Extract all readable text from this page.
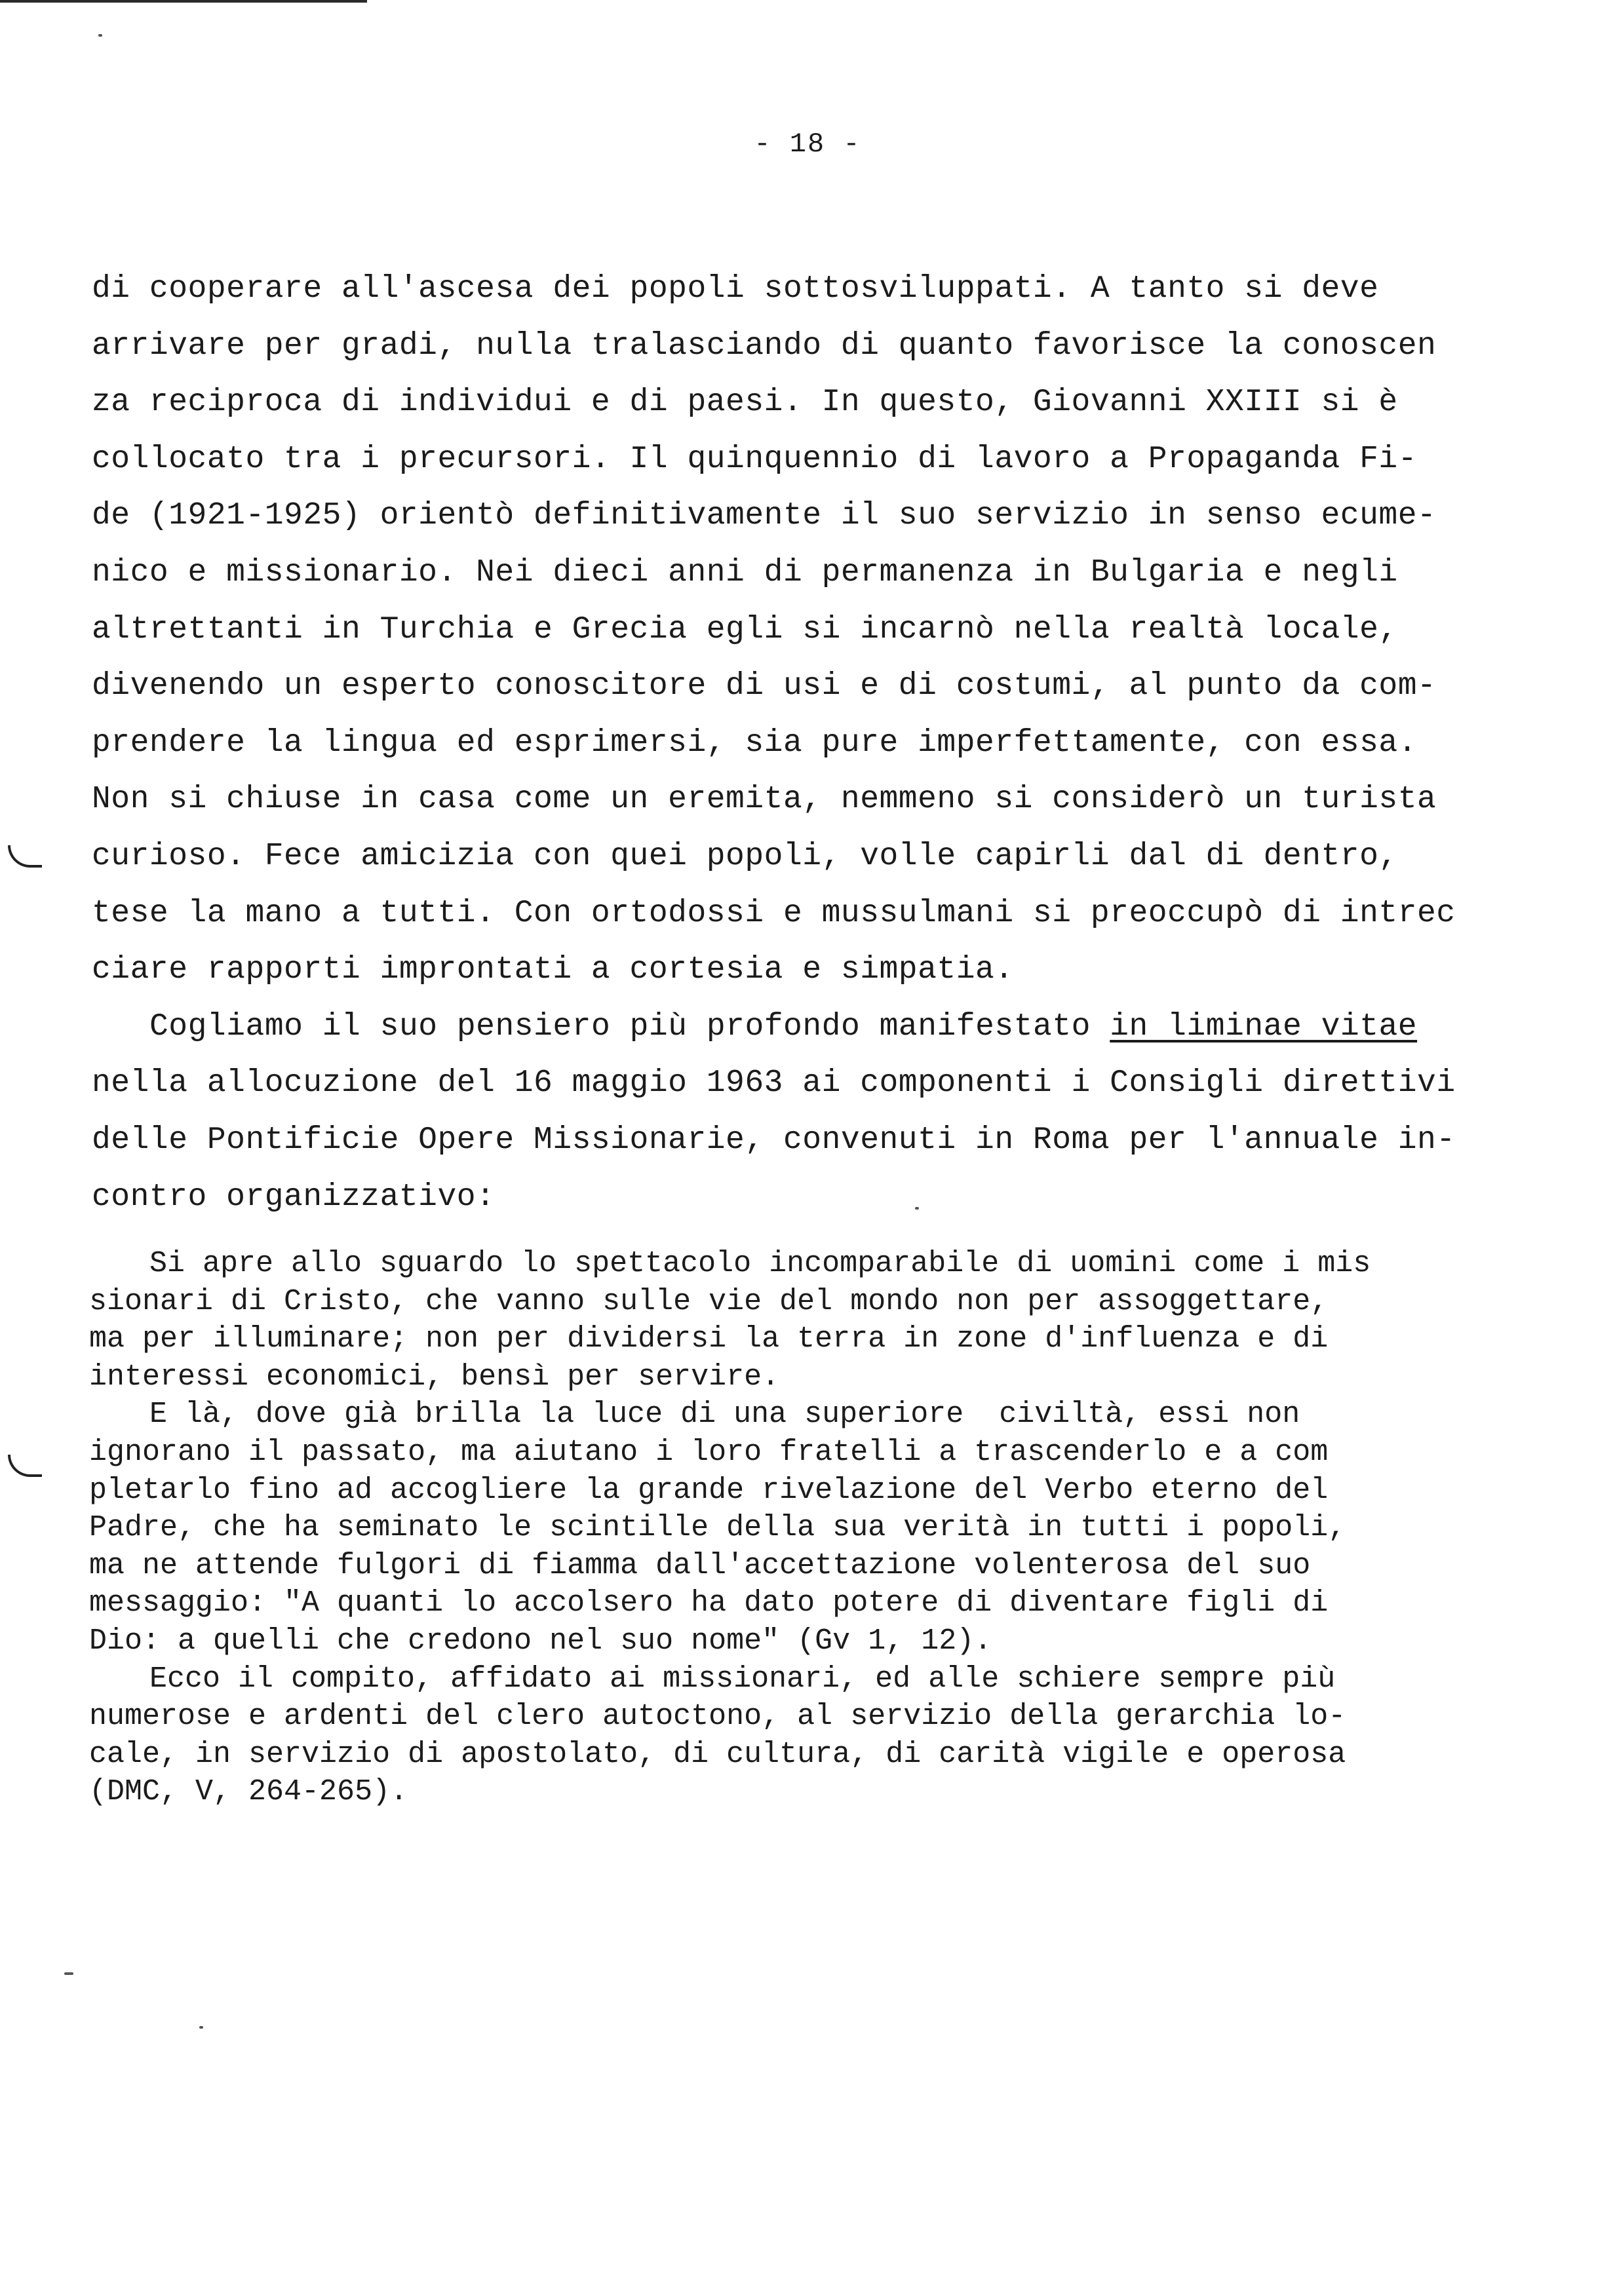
- 18 -
di cooperare all'ascesa dei popoli sottosviluppati. A tanto si deve
arrivare per gradi, nulla tralasciando di quanto favorisce la conoscen
za reciproca di individui e di paesi. In questo, Giovanni XXIII si è
collocato tra i precursori. Il quinquennio di lavoro a Propaganda Fi-
de (1921-1925) orientò definitivamente il suo servizio in senso ecume-
nico e missionario. Nei dieci anni di permanenza in Bulgaria e negli
altrettanti in Turchia e Grecia egli si incarnò nella realtà locale,
divenendo un esperto conoscitore di usi e di costumi, al punto da com-
prendere la lingua ed esprimersi, sia pure imperfettamente, con essa.
Non si chiuse in casa come un eremita, nemmeno si considerò un turista
curioso. Fece amicizia con quei popoli, volle capirli dal di dentro,
tese la mano a tutti. Con ortodossi e mussulmani si preoccupò di intrec
ciare rapporti improntati a cortesia e simpatia.
Cogliamo il suo pensiero più profondo manifestato in liminae vitae
nella allocuzione del 16 maggio 1963 ai componenti i Consigli direttivi
delle Pontificie Opere Missionarie, convenuti in Roma per l'annuale in-
contro organizzativo:
Si apre allo sguardo lo spettacolo incomparabile di uomini come i mis
sionari di Cristo, che vanno sulle vie del mondo non per assoggettare,
ma per illuminare; non per dividersi la terra in zone d'influenza e di
interessi economici, bensì per servire.
E là, dove già brilla la luce di una superiore  civiltà, essi non
ignorano il passato, ma aiutano i loro fratelli a trascenderlo e a com
pletarlo fino ad accogliere la grande rivelazione del Verbo eterno del
Padre, che ha seminato le scintille della sua verità in tutti i popoli,
ma ne attende fulgori di fiamma dall'accettazione volenterosa del suo
messaggio: "A quanti lo accolsero ha dato potere di diventare figli di
Dio: a quelli che credono nel suo nome" (Gv 1, 12).
Ecco il compito, affidato ai missionari, ed alle schiere sempre più
numerose e ardenti del clero autoctono, al servizio della gerarchia lo-
cale, in servizio di apostolato, di cultura, di carità vigile e operosa
(DMC, V, 264-265).
